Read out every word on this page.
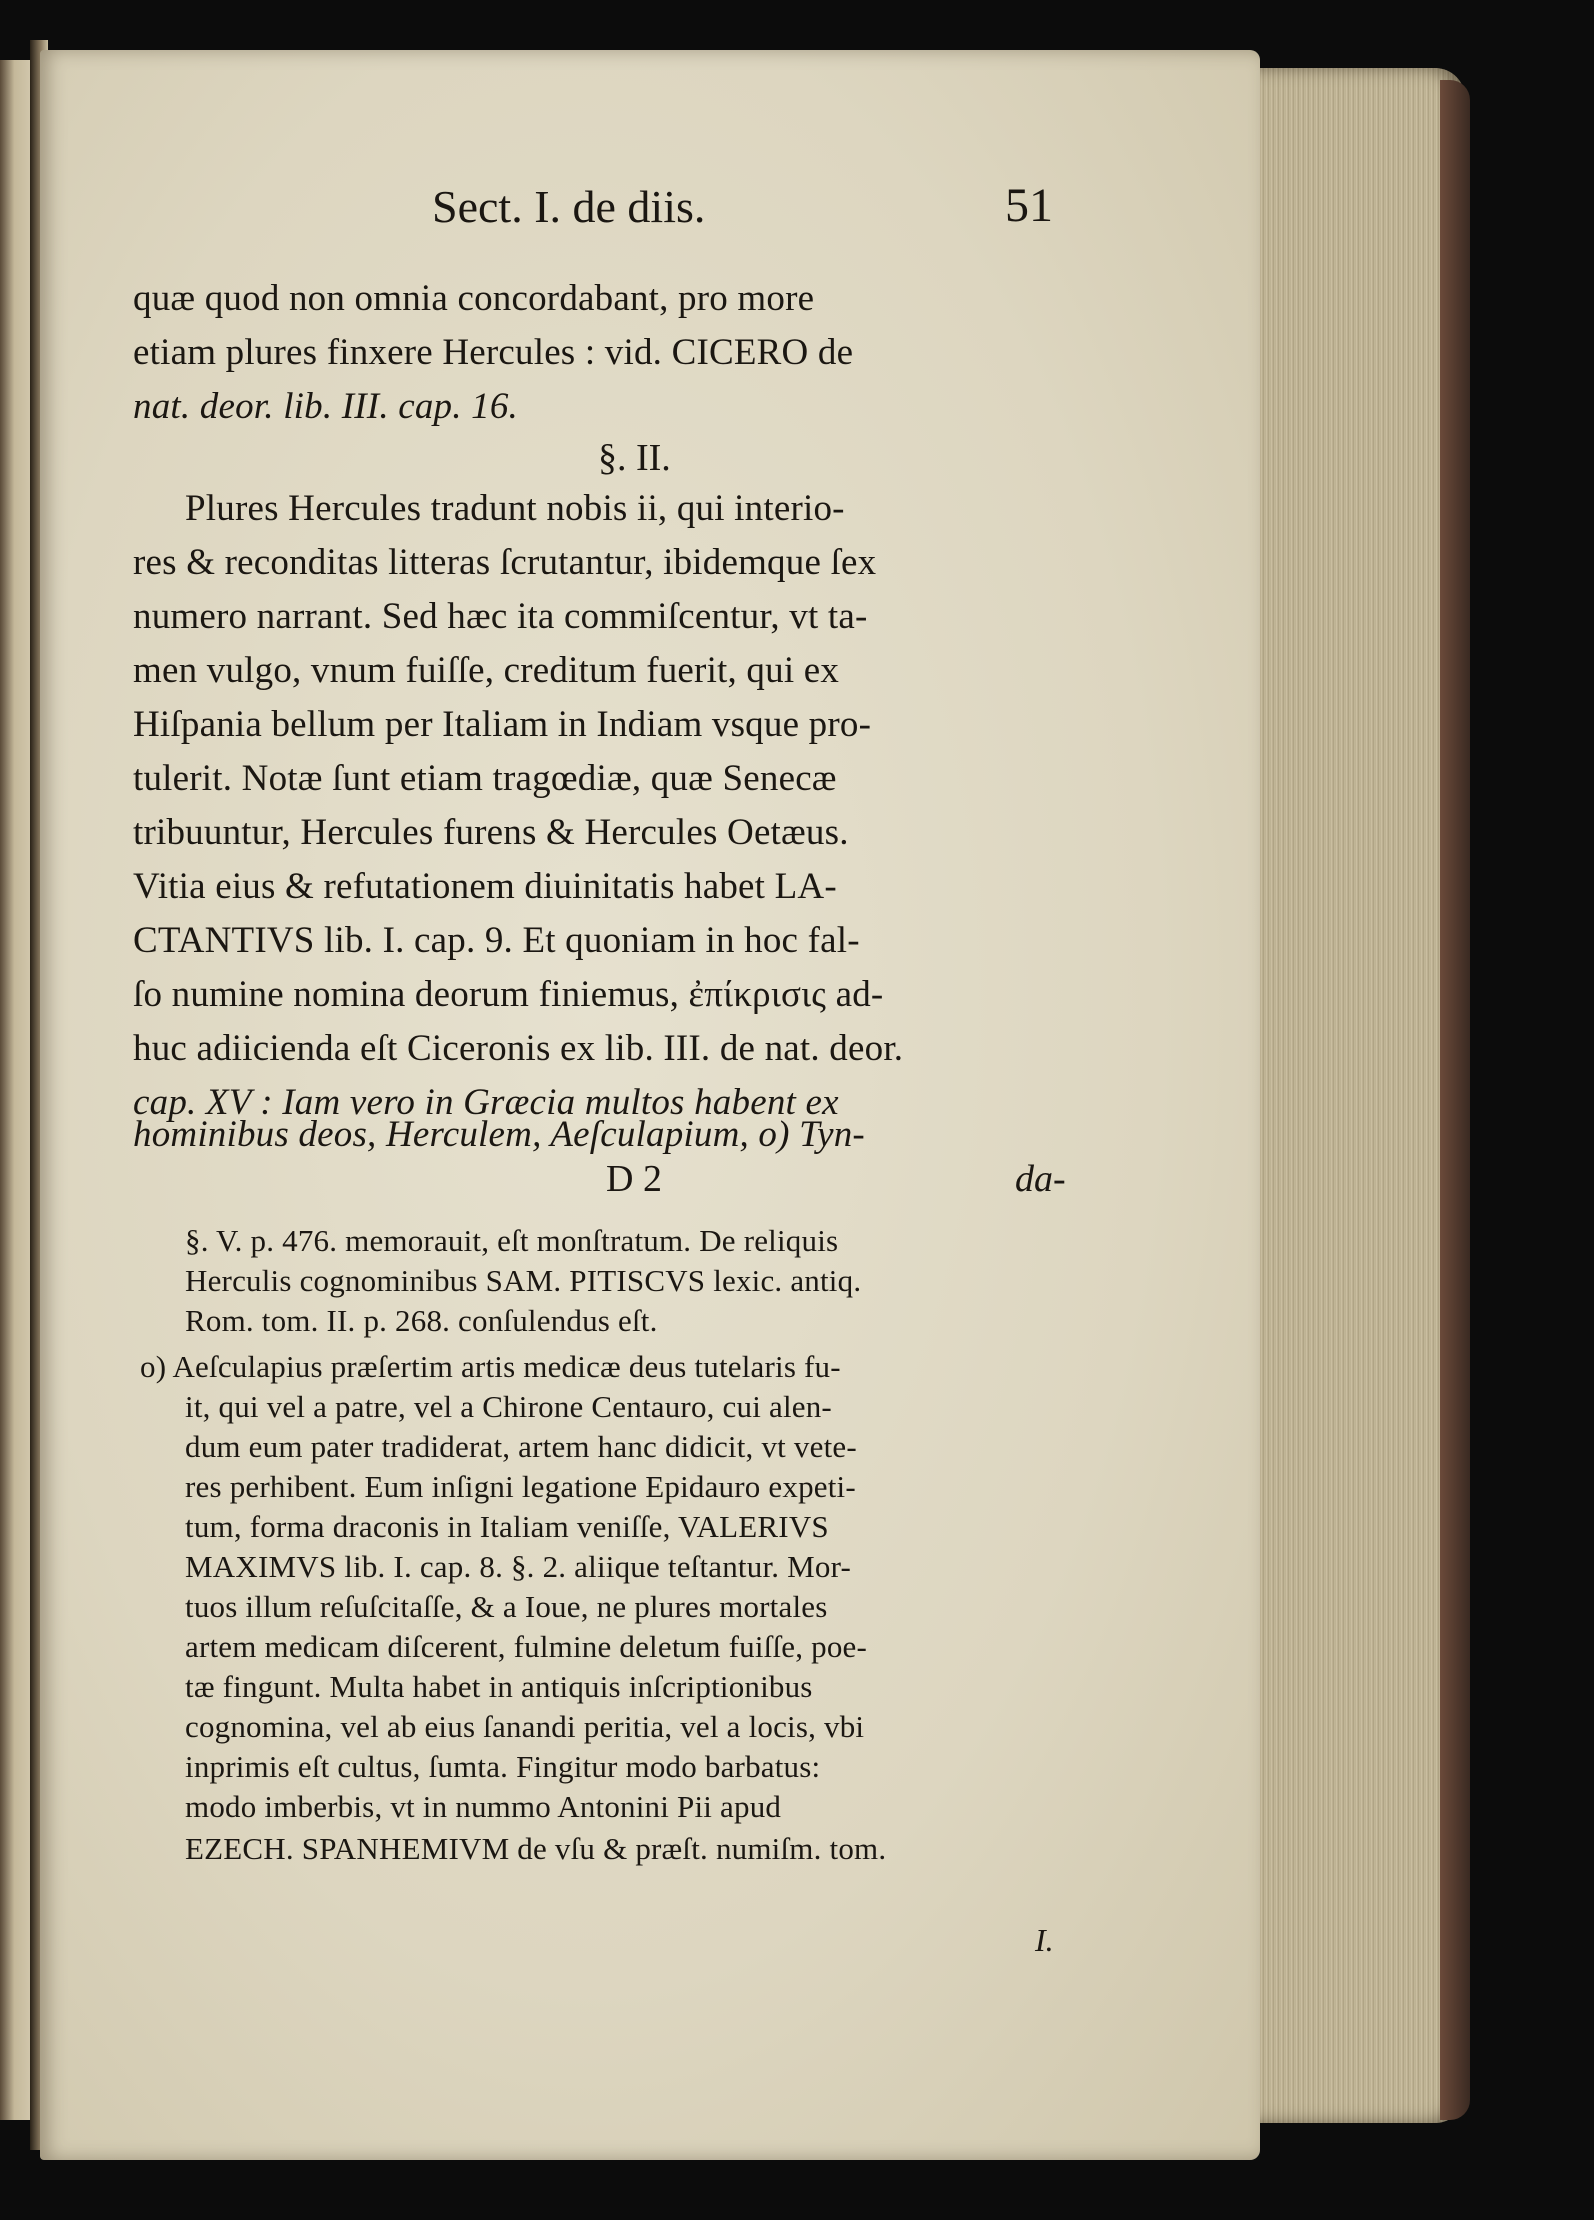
Sect. I. de diis.	51
quæ quod non omnia concordabant, pro more
etiam plures finxere Hercules : vid. CICERO de
nat. deor. lib. III. cap. 16.
§. II.
Plures Hercules tradunt nobis ii, qui interio-
res & reconditas litteras ſcrutantur, ibidemque ſex
numero narrant. Sed hæc ita commiſcentur, vt ta-
men vulgo, vnum fuiſſe, creditum fuerit, qui ex
Hiſpania bellum per Italiam in Indiam vsque pro-
tulerit. Notæ ſunt etiam tragœdiæ, quæ Senecæ
tribuuntur, Hercules furens & Hercules Oetæus.
Vitia eius & refutationem diuinitatis habet LA-
CTANTIVS lib. I. cap. 9. Et quoniam in hoc fal-
ſo numine nomina deorum finiemus, ἐπίκρισις ad-
huc adiicienda eſt Ciceronis ex lib. III. de nat. deor.
cap. XV : Iam vero in Græcia multos habent ex
hominibus deos, Herculem, Aeſculapium, o) Tyn-
D 2	da-
§. V. p. 476. memorauit, eſt monſtratum. De reliquis
Herculis cognominibus SAM. PITISCVS lexic. antiq.
Rom. tom. II. p. 268. conſulendus eſt.
o) Aeſculapius præſertim artis medicæ deus tutelaris fu-
it, qui vel a patre, vel a Chirone Centauro, cui alen-
dum eum pater tradiderat, artem hanc didicit, vt vete-
res perhibent. Eum inſigni legatione Epidauro expeti-
tum, forma draconis in Italiam veniſſe, VALERIVS
MAXIMVS lib. I. cap. 8. §. 2. aliique teſtantur. Mor-
tuos illum reſuſcitaſſe, & a Ioue, ne plures mortales
artem medicam diſcerent, fulmine deletum fuiſſe, poe-
tæ fingunt. Multa habet in antiquis inſcriptionibus
cognomina, vel ab eius ſanandi peritia, vel a locis, vbi
inprimis eſt cultus, ſumta. Fingitur modo barbatus:
modo imberbis, vt in nummo Antonini Pii apud
EZECH. SPANHEMIVM de vſu & præſt. numiſm. tom.
I.
